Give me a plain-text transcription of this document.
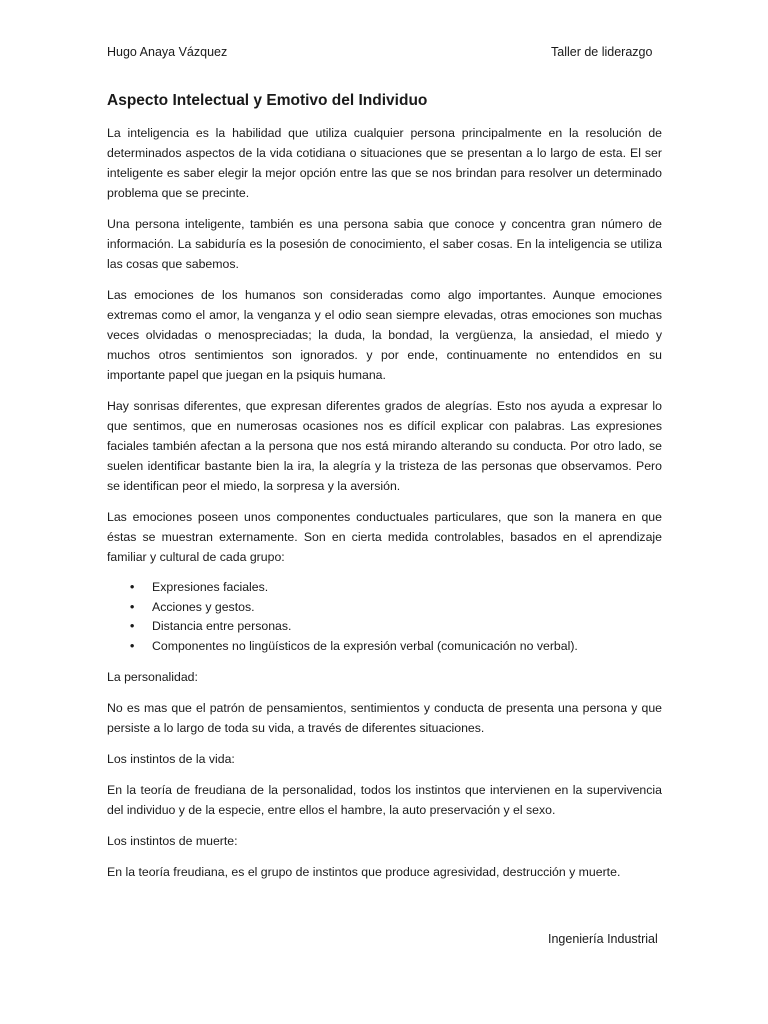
Hugo Anaya Vázquez	Taller de liderazgo
Aspecto Intelectual y Emotivo del Individuo

La inteligencia es la habilidad que utiliza cualquier persona principalmente en la resolución de determinados aspectos de la vida cotidiana o situaciones que se presentan a lo largo de esta. El ser inteligente es saber elegir la mejor opción entre las que se nos brindan para resolver un determinado problema que se precinte.

Una persona inteligente, también es una persona sabia que conoce y concentra gran número de información. La sabiduría es la posesión de conocimiento, el saber cosas. En la inteligencia se utiliza las cosas que sabemos.

Las emociones de los humanos son consideradas como algo importantes. Aunque emociones extremas como el amor, la venganza y el odio sean siempre elevadas, otras emociones son muchas veces olvidadas o menospreciadas; la duda, la bondad, la vergüenza, la ansiedad, el miedo y muchos otros sentimientos son ignorados. y por ende, continuamente no entendidos en su importante papel que juegan en la psiquis humana.

Hay sonrisas diferentes, que expresan diferentes grados de alegrías. Esto nos ayuda a expresar lo que sentimos, que en numerosas ocasiones nos es difícil explicar con palabras. Las expresiones faciales también afectan a la persona que nos está mirando alterando su conducta. Por otro lado, se suelen identificar bastante bien la ira, la alegría y la tristeza de las personas que observamos. Pero se identifican peor el miedo, la sorpresa y la aversión.

Las emociones poseen unos componentes conductuales particulares, que son la manera en que éstas se muestran externamente. Son en cierta medida controlables, basados en el aprendizaje familiar y cultural de cada grupo:

• Expresiones faciales.
• Acciones y gestos.
• Distancia entre personas.
• Componentes no lingüísticos de la expresión verbal (comunicación no verbal).

La personalidad:

No es mas que el patrón de pensamientos, sentimientos y conducta de presenta una persona y que persiste a lo largo de toda su vida, a través de diferentes situaciones.

Los instintos de la vida:

En la teoría de freudiana de la personalidad, todos los instintos que intervienen en la supervivencia del individuo y de la especie, entre ellos el hambre, la auto preservación y el sexo.

Los instintos de muerte:

En la teoría freudiana, es el grupo de instintos que produce agresividad, destrucción y muerte.

Ingeniería Industrial
